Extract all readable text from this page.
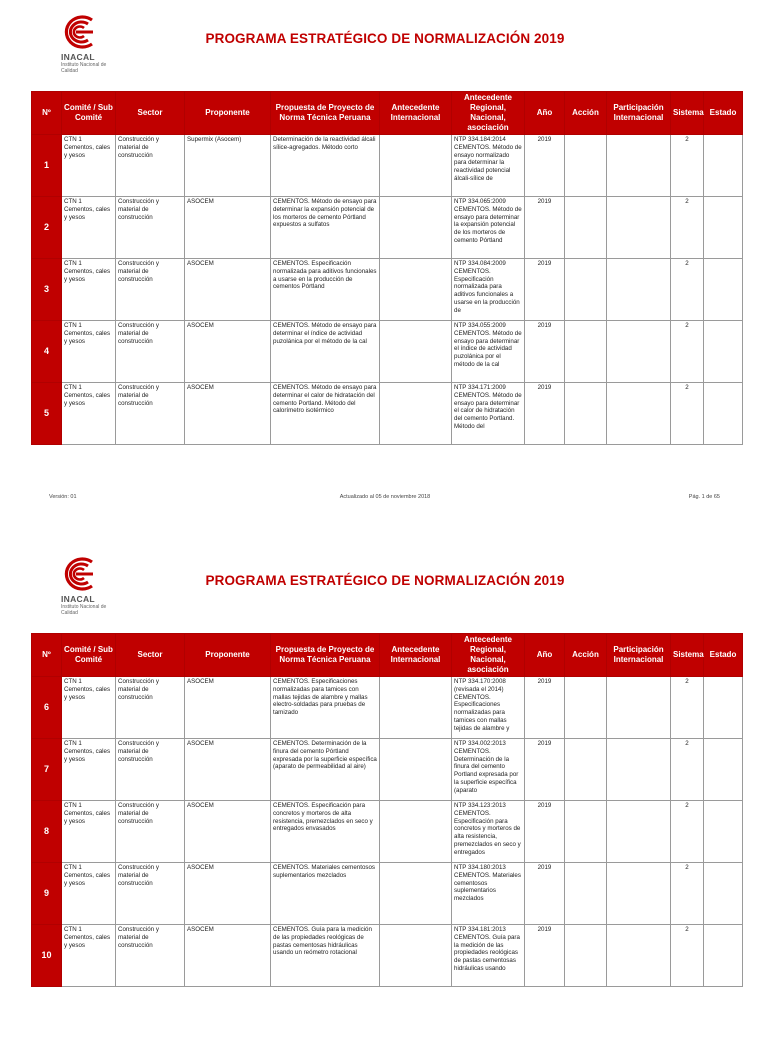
INACAL
Instituto Nacional de Calidad
PROGRAMA ESTRATÉGICO DE NORMALIZACIÓN 2019
Nº	Comité / Sub Comité	Sector	Proponente	Propuesta de Proyecto de Norma Técnica Peruana	Antecedente Internacional	Antecedente Regional, Nacional, asociación	Año	Acción	Participación Internacional	Sistema	Estado
1	CTN 1 Cementos, cales y yesos	Construcción y material de construcción	Supermix (Asocem)	Determinación de la reactividad álcali sílice-agregados. Método corto		NTP 334.184:2014 CEMENTOS. Método de ensayo normalizado para determinar la reactividad potencial álcali-sílice de	2019			2	

2	CTN 1 Cementos, cales y yesos	Construcción y material de construcción	ASOCEM	CEMENTOS. Método de ensayo para determinar la expansión potencial de los morteros de cemento Pórtland expuestos a sulfatos		NTP 334.065:2009 CEMENTOS. Método de ensayo para determinar la expansión potencial de los morteros de cemento Pórtland	2019			2	

3	CTN 1 Cementos, cales y yesos	Construcción y material de construcción	ASOCEM	CEMENTOS. Especificación normalizada para aditivos funcionales a usarse en la producción de cementos Pórtland		NTP 334.084:2009 CEMENTOS. Especificación normalizada para aditivos funcionales a usarse en la producción de	2019			2	

4	CTN 1 Cementos, cales y yesos	Construcción y material de construcción	ASOCEM	CEMENTOS. Método de ensayo para determinar el índice de actividad puzolánica por el método de la cal		NTP 334.055:2009 CEMENTOS. Método de ensayo para determinar el índice de actividad puzolánica por el método de la cal	2019			2	

5	CTN 1 Cementos, cales y yesos	Construcción y material de construcción	ASOCEM	CEMENTOS. Método de ensayo para determinar el calor de hidratación del cemento Portland. Método del calorímetro isotérmico		NTP 334.171:2009 CEMENTOS. Método de ensayo para determinar el calor de hidratación del cemento Portland. Método del	2019			2	

Versión: 01	Actualizado al 05 de noviembre 2018	Pág. 1 de 65
INACAL
Instituto Nacional de Calidad
PROGRAMA ESTRATÉGICO DE NORMALIZACIÓN 2019
Nº	Comité / Sub Comité	Sector	Proponente	Propuesta de Proyecto de Norma Técnica Peruana	Antecedente Internacional	Antecedente Regional, Nacional, asociación	Año	Acción	Participación Internacional	Sistema	Estado
6	CTN 1 Cementos, cales y yesos	Construcción y material de construcción	ASOCEM	CEMENTOS. Especificaciones normalizadas para tamices con mallas tejidas de alambre y mallas electro-soldadas para pruebas de tamizado		NTP 334.170:2008 (revisada el 2014) CEMENTOS. Especificaciones normalizadas para tamices con mallas tejidas de alambre y	2019			2	

7	CTN 1 Cementos, cales y yesos	Construcción y material de construcción	ASOCEM	CEMENTOS. Determinación de la finura del cemento Pórtland expresada por la superficie específica (aparato de permeabilidad al aire)		NTP 334.002:2013 CEMENTOS. Determinación de la finura del cemento Portland expresada por la superficie específica (aparato	2019			2	

8	CTN 1 Cementos, cales y yesos	Construcción y material de construcción	ASOCEM	CEMENTOS. Especificación para concretos y morteros de alta resistencia, premezclados en seco y entregados envasados		NTP 334.123:2013 CEMENTOS. Especificación para concretos y morteros de alta resistencia, premezclados en seco y entregados	2019			2	

9	CTN 1 Cementos, cales y yesos	Construcción y material de construcción	ASOCEM	CEMENTOS. Materiales cementosos suplementarios mezclados		NTP 334.180:2013 CEMENTOS. Materiales cementosos suplementarios mezclados	2019			2	

10	CTN 1 Cementos, cales y yesos	Construcción y material de construcción	ASOCEM	CEMENTOS. Guía para la medición de las propiedades reológicas de pastas cementosas hidráulicas usando un reómetro rotacional		NTP 334.181:2013 CEMENTOS. Guía para la medición de las propiedades reológicas de pastas cementosas hidráulicas usando	2019			2	
